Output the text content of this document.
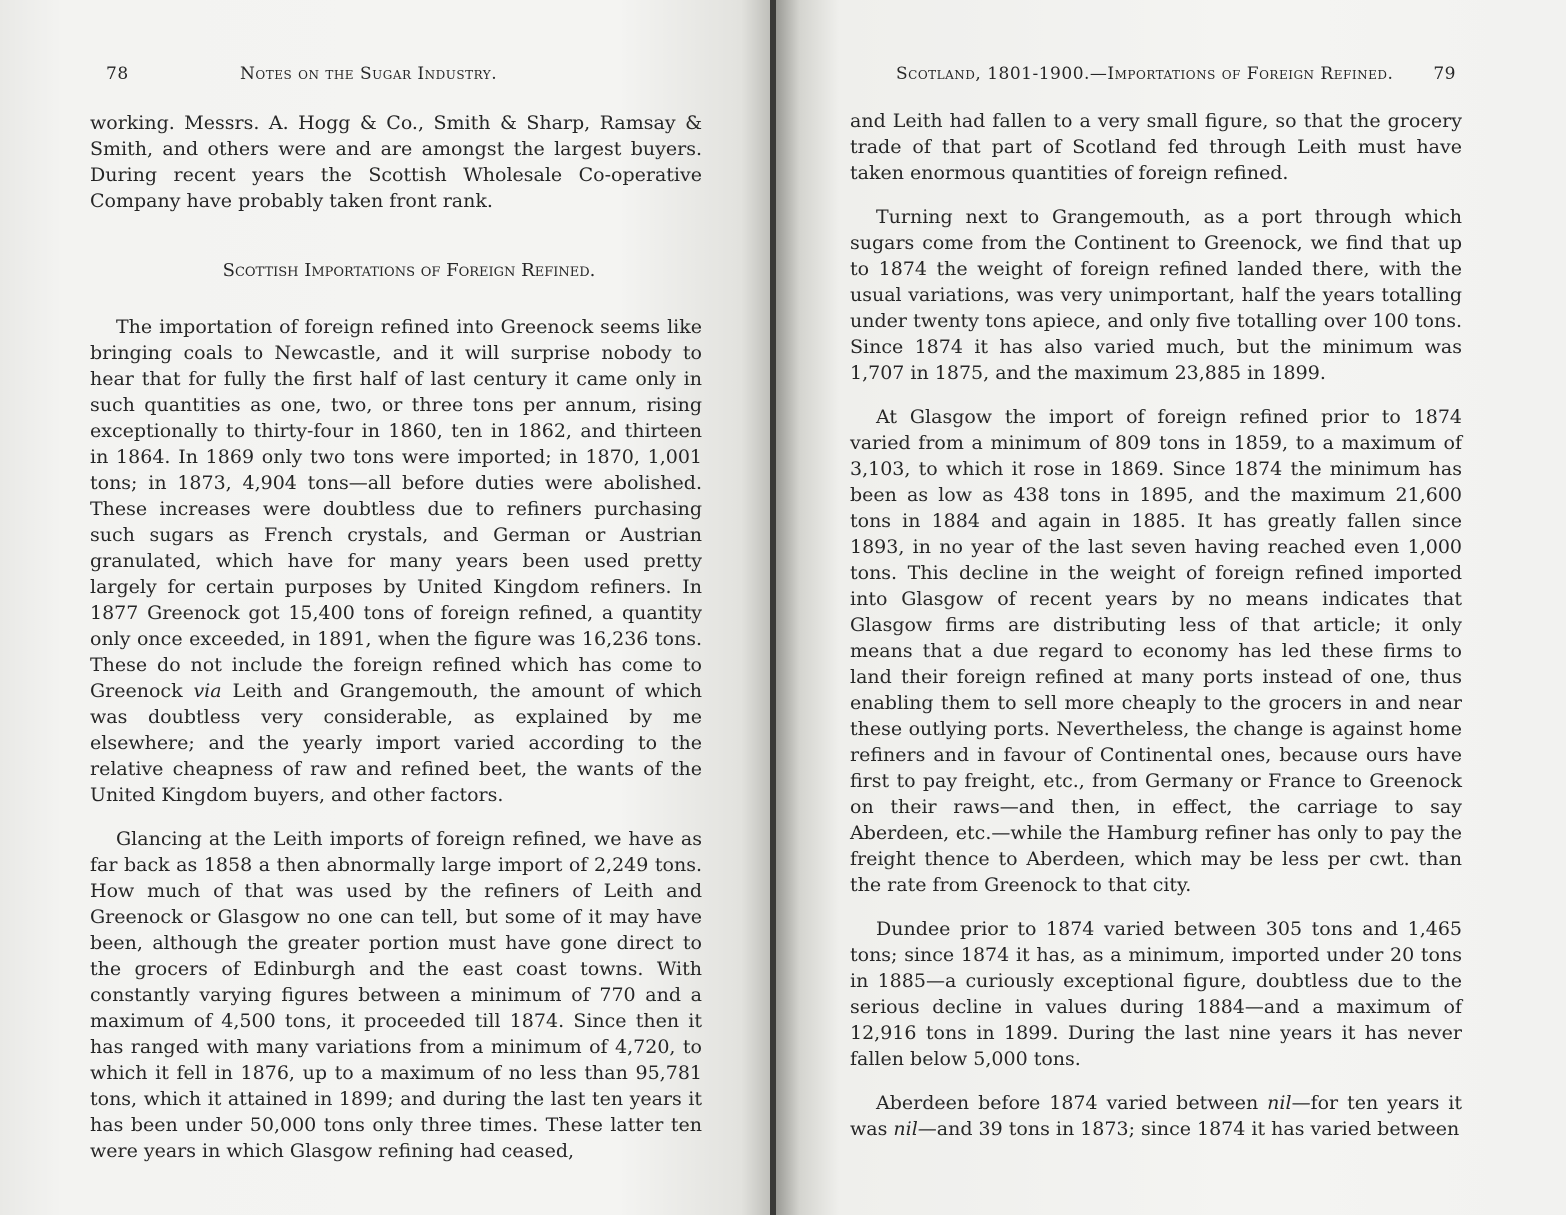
78	Notes on the Sugar Industry.

working. Messrs. A. Hogg & Co., Smith & Sharp, Ramsay & Smith, and others were and are amongst the largest buyers. During recent years the Scottish Wholesale Co-operative Company have probably taken front rank.

Scottish Importations of Foreign Refined.

The importation of foreign refined into Greenock seems like bringing coals to Newcastle, and it will surprise nobody to hear that for fully the first half of last century it came only in such quantities as one, two, or three tons per annum, rising exceptionally to thirty-four in 1860, ten in 1862, and thirteen in 1864. In 1869 only two tons were imported; in 1870, 1,001 tons; in 1873, 4,904 tons—all before duties were abolished. These increases were doubtless due to refiners purchasing such sugars as French crystals, and German or Austrian granulated, which have for many years been used pretty largely for certain purposes by United Kingdom refiners. In 1877 Greenock got 15,400 tons of foreign refined, a quantity only once exceeded, in 1891, when the figure was 16,236 tons. These do not include the foreign refined which has come to Greenock via Leith and Grangemouth, the amount of which was doubtless very considerable, as explained by me elsewhere; and the yearly import varied according to the relative cheapness of raw and refined beet, the wants of the United Kingdom buyers, and other factors.

Glancing at the Leith imports of foreign refined, we have as far back as 1858 a then abnormally large import of 2,249 tons. How much of that was used by the refiners of Leith and Greenock or Glasgow no one can tell, but some of it may have been, although the greater portion must have gone direct to the grocers of Edinburgh and the east coast towns. With constantly varying figures between a minimum of 770 and a maximum of 4,500 tons, it proceeded till 1874. Since then it has ranged with many variations from a minimum of 4,720, to which it fell in 1876, up to a maximum of no less than 95,781 tons, which it attained in 1899; and during the last ten years it has been under 50,000 tons only three times. These latter ten were years in which Glasgow refining had ceased,

Scotland, 1801-1900.—Importations of Foreign Refined. 79

and Leith had fallen to a very small figure, so that the grocery trade of that part of Scotland fed through Leith must have taken enormous quantities of foreign refined.

Turning next to Grangemouth, as a port through which sugars come from the Continent to Greenock, we find that up to 1874 the weight of foreign refined landed there, with the usual variations, was very unimportant, half the years totalling under twenty tons apiece, and only five totalling over 100 tons. Since 1874 it has also varied much, but the minimum was 1,707 in 1875, and the maximum 23,885 in 1899.

At Glasgow the import of foreign refined prior to 1874 varied from a minimum of 809 tons in 1859, to a maximum of 3,103, to which it rose in 1869. Since 1874 the minimum has been as low as 438 tons in 1895, and the maximum 21,600 tons in 1884 and again in 1885. It has greatly fallen since 1893, in no year of the last seven having reached even 1,000 tons. This decline in the weight of foreign refined imported into Glasgow of recent years by no means indicates that Glasgow firms are distributing less of that article; it only means that a due regard to economy has led these firms to land their foreign refined at many ports instead of one, thus enabling them to sell more cheaply to the grocers in and near these outlying ports. Nevertheless, the change is against home refiners and in favour of Continental ones, because ours have first to pay freight, etc., from Germany or France to Greenock on their raws—and then, in effect, the carriage to say Aberdeen, etc.—while the Hamburg refiner has only to pay the freight thence to Aberdeen, which may be less per cwt. than the rate from Greenock to that city.

Dundee prior to 1874 varied between 305 tons and 1,465 tons; since 1874 it has, as a minimum, imported under 20 tons in 1885—a curiously exceptional figure, doubtless due to the serious decline in values during 1884—and a maximum of 12,916 tons in 1899. During the last nine years it has never fallen below 5,000 tons.

Aberdeen before 1874 varied between nil—for ten years it was nil—and 39 tons in 1873; since 1874 it has varied between
